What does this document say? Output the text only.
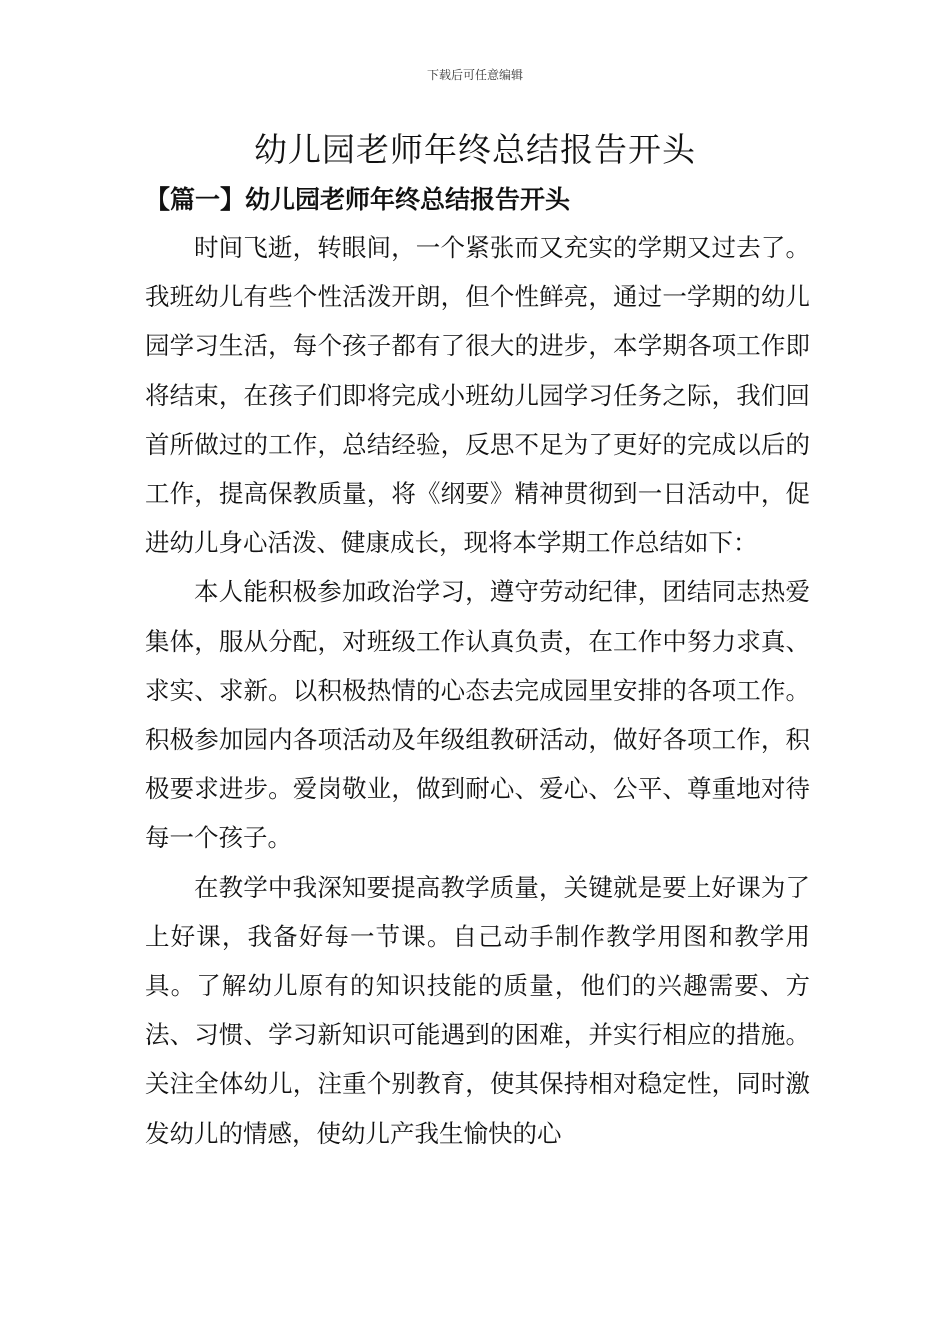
下载后可任意编辑
幼儿园老师年终总结报告开头
【篇一】幼儿园老师年终总结报告开头

时间飞逝，转眼间，一个紧张而又充实的学期又过去了。我班幼儿有些个性活泼开朗，但个性鲜亮，通过一学期的幼儿园学习生活，每个孩子都有了很大的进步，本学期各项工作即将结束，在孩子们即将完成小班幼儿园学习任务之际，我们回首所做过的工作，总结经验，反思不足为了更好的完成以后的工作，提高保教质量，将《纲要》精神贯彻到一日活动中，促进幼儿身心活泼、健康成长，现将本学期工作总结如下：

本人能积极参加政治学习，遵守劳动纪律，团结同志热爱集体，服从分配，对班级工作认真负责，在工作中努力求真、求实、求新。以积极热情的心态去完成园里安排的各项工作。积极参加园内各项活动及年级组教研活动，做好各项工作，积极要求进步。爱岗敬业，做到耐心、爱心、公平、尊重地对待每一个孩子。

在教学中我深知要提高教学质量，关键就是要上好课为了上好课，我备好每一节课。自己动手制作教学用图和教学用具。了解幼儿原有的知识技能的质量，他们的兴趣需要、方法、习惯、学习新知识可能遇到的困难，并实行相应的措施。关注全体幼儿，注重个别教育，使其保持相对稳定性，同时激发幼儿的情感，使幼儿产我生愉快的心
